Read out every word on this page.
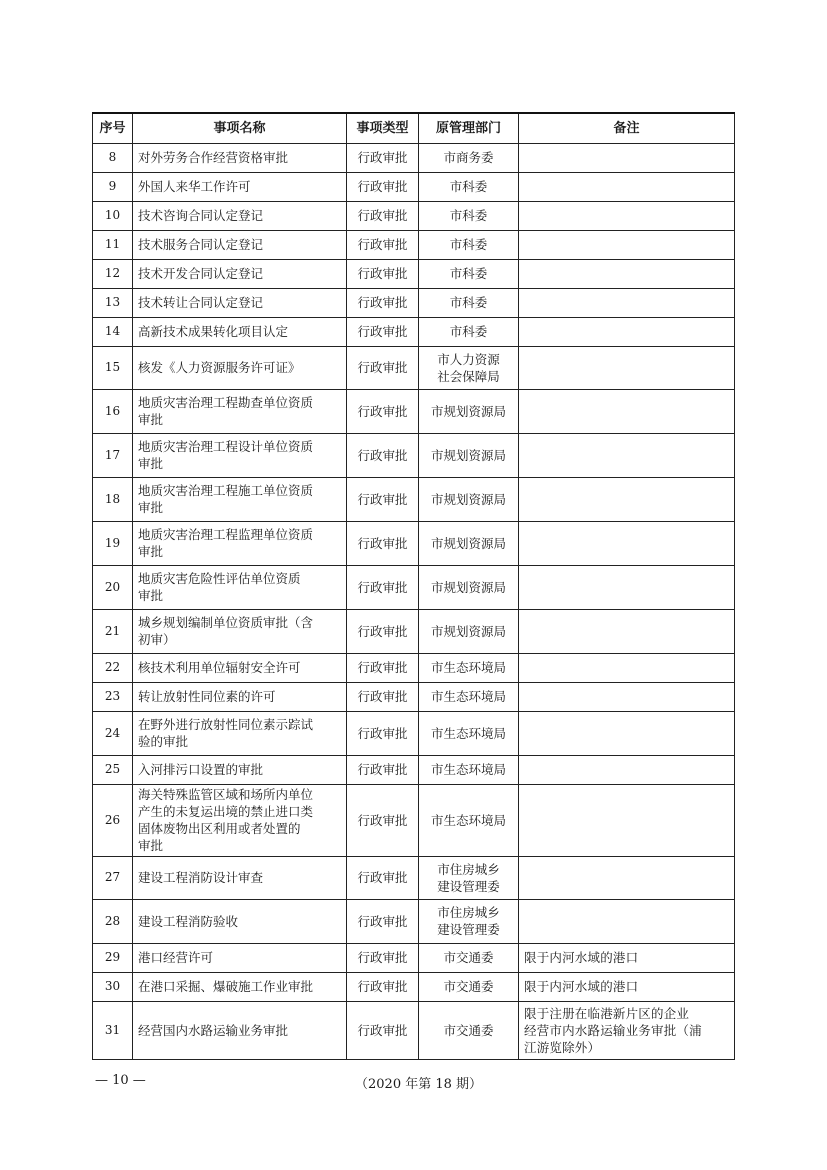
序号	事项名称	事项类型	原管理部门	备注
8	对外劳务合作经营资格审批	行政审批	市商务委	

9	外国人来华工作许可	行政审批	市科委	

10	技术咨询合同认定登记	行政审批	市科委	

11	技术服务合同认定登记	行政审批	市科委	

12	技术开发合同认定登记	行政审批	市科委	

13	技术转让合同认定登记	行政审批	市科委	

14	高新技术成果转化项目认定	行政审批	市科委	

15	核发《人力资源服务许可证》	行政审批	市人力资源
社会保障局	

16	地质灾害治理工程勘查单位资质
审批	行政审批	市规划资源局	

17	地质灾害治理工程设计单位资质
审批	行政审批	市规划资源局	

18	地质灾害治理工程施工单位资质
审批	行政审批	市规划资源局	

19	地质灾害治理工程监理单位资质
审批	行政审批	市规划资源局	

20	地质灾害危险性评估单位资质
审批	行政审批	市规划资源局	

21	城乡规划编制单位资质审批（含
初审）	行政审批	市规划资源局	

22	核技术利用单位辐射安全许可	行政审批	市生态环境局	

23	转让放射性同位素的许可	行政审批	市生态环境局	

24	在野外进行放射性同位素示踪试
验的审批	行政审批	市生态环境局	

25	入河排污口设置的审批	行政审批	市生态环境局	

26	海关特殊监管区域和场所内单位
产生的未复运出境的禁止进口类
固体废物出区利用或者处置的
审批	行政审批	市生态环境局	

27	建设工程消防设计审查	行政审批	市住房城乡
建设管理委	

28	建设工程消防验收	行政审批	市住房城乡
建设管理委	

29	港口经营许可	行政审批	市交通委	限于内河水域的港口

30	在港口采掘、爆破施工作业审批	行政审批	市交通委	限于内河水域的港口

31	经营国内水路运输业务审批	行政审批	市交通委	限于注册在临港新片区的企业
经营市内水路运输业务审批（浦
江游览除外）
— 10 —	（2020 年第 18 期）
